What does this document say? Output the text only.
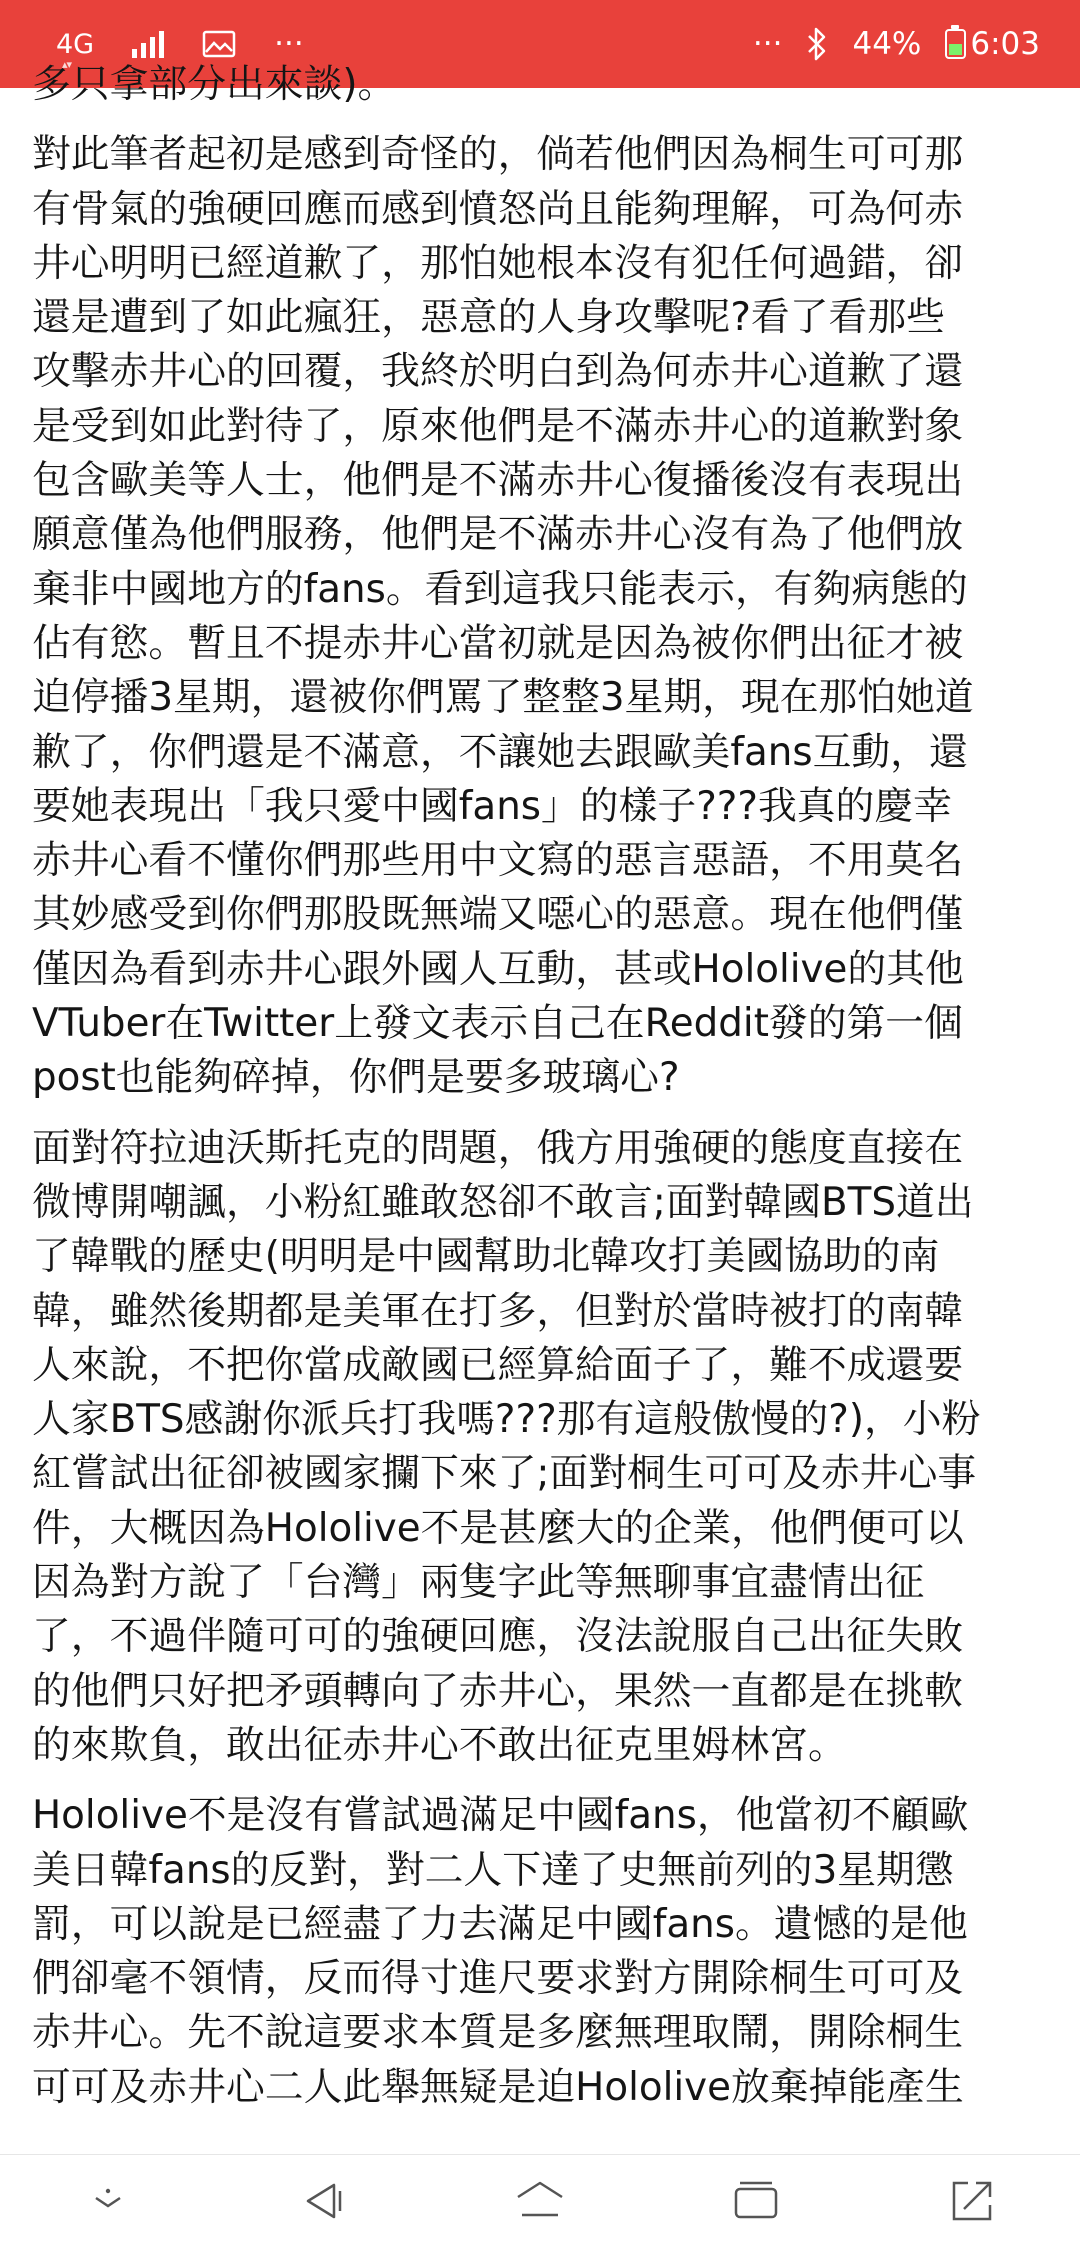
4G ▴▾	···	··· 44% 6:03

多只拿部分出來談)。

對此筆者起初是感到奇怪的，倘若他們因為桐生可可那
有骨氣的強硬回應而感到憤怒尚且能夠理解，可為何赤
井心明明已經道歉了，那怕她根本沒有犯任何過錯，卻
還是遭到了如此瘋狂，惡意的人身攻擊呢?看了看那些
攻擊赤井心的回覆，我終於明白到為何赤井心道歉了還
是受到如此對待了，原來他們是不滿赤井心的道歉對象
包含歐美等人士，他們是不滿赤井心復播後沒有表現出
願意僅為他們服務，他們是不滿赤井心沒有為了他們放
棄非中國地方的fans。看到這我只能表示，有夠病態的
佔有慾。暫且不提赤井心當初就是因為被你們出征才被
迫停播3星期，還被你們罵了整整3星期，現在那怕她道
歉了，你們還是不滿意，不讓她去跟歐美fans互動，還
要她表現出「我只愛中國fans」的樣子???我真的慶幸
赤井心看不懂你們那些用中文寫的惡言惡語，不用莫名
其妙感受到你們那股既無端又噁心的惡意。現在他們僅
僅因為看到赤井心跟外國人互動，甚或Hololive的其他
VTuber在Twitter上發文表示自己在Reddit發的第一個
post也能夠碎掉，你們是要多玻璃心?

面對符拉迪沃斯托克的問題，俄方用強硬的態度直接在
微博開嘲諷，小粉紅雖敢怒卻不敢言;面對韓國BTS道出
了韓戰的歷史(明明是中國幫助北韓攻打美國協助的南
韓，雖然後期都是美軍在打多，但對於當時被打的南韓
人來說，不把你當成敵國已經算給面子了，難不成還要
人家BTS感謝你派兵打我嗎???那有這般傲慢的?)，小粉
紅嘗試出征卻被國家攔下來了;面對桐生可可及赤井心事
件，大概因為Hololive不是甚麼大的企業，他們便可以
因為對方說了「台灣」兩隻字此等無聊事宜盡情出征
了，不過伴隨可可的強硬回應，沒法說服自己出征失敗
的他們只好把矛頭轉向了赤井心，果然一直都是在挑軟
的來欺負，敢出征赤井心不敢出征克里姆林宮。

Hololive不是沒有嘗試過滿足中國fans，他當初不顧歐
美日韓fans的反對，對二人下達了史無前列的3星期懲
罰，可以說是已經盡了力去滿足中國fans。遺憾的是他
們卻毫不領情，反而得寸進尺要求對方開除桐生可可及
赤井心。先不說這要求本質是多麼無理取鬧，開除桐生
可可及赤井心二人此舉無疑是迫Hololive放棄掉能產生
